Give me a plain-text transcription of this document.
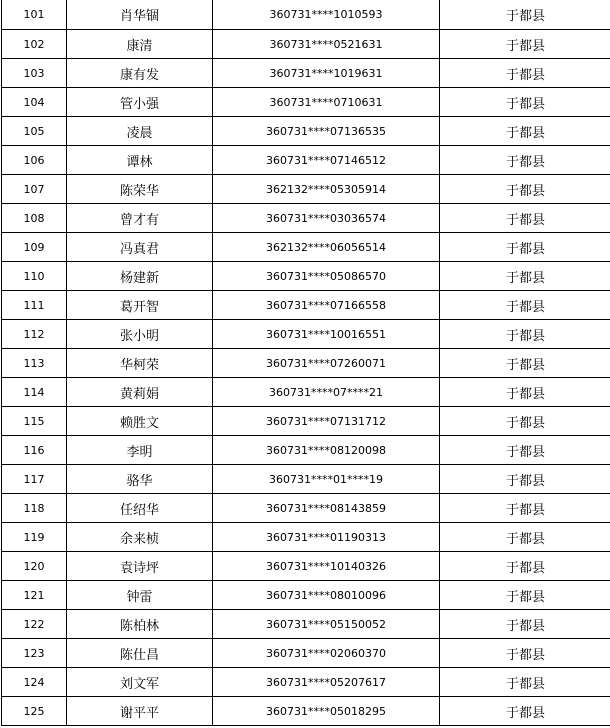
101	肖华锢	360731****1010593	于都县
102	康清	360731****0521631	于都县
103	康有发	360731****1019631	于都县
104	管小强	360731****0710631	于都县
105	凌晨	360731****07136535	于都县
106	谭林	360731****07146512	于都县
107	陈荣华	362132****05305914	于都县
108	曾才有	360731****03036574	于都县
109	冯真君	362132****06056514	于都县
110	杨建新	360731****05086570	于都县
111	葛开智	360731****07166558	于都县
112	张小明	360731****10016551	于都县
113	华柯荣	360731****07260071	于都县
114	黄莉娟	360731****07****21	于都县
115	赖胜文	360731****07131712	于都县
116	李明	360731****08120098	于都县
117	骆华	360731****01****19	于都县
118	任绍华	360731****08143859	于都县
119	余来桢	360731****01190313	于都县
120	袁诗坪	360731****10140326	于都县
121	钟雷	360731****08010096	于都县
122	陈柏林	360731****05150052	于都县
123	陈仕昌	360731****02060370	于都县
124	刘文军	360731****05207617	于都县
125	谢平平	360731****05018295	于都县
